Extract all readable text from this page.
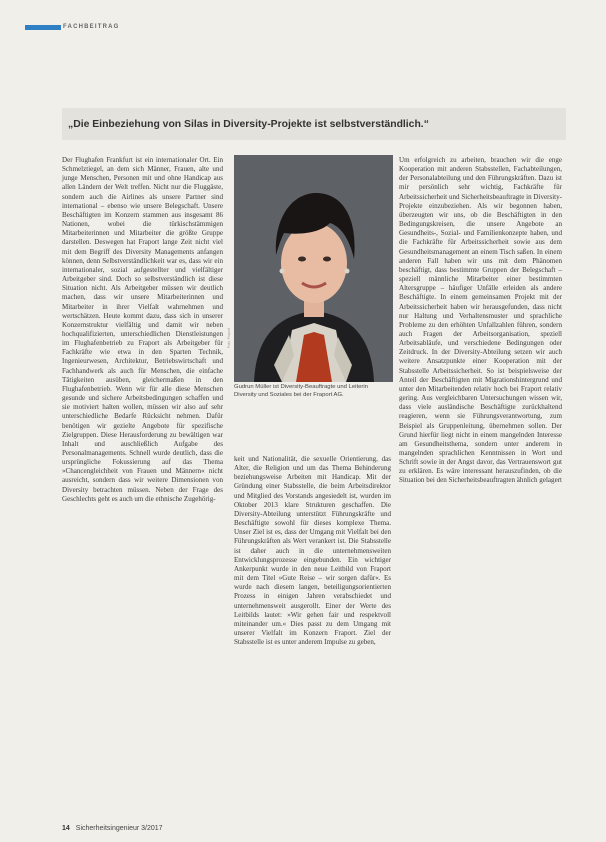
FACHBEITRAG
„Die Einbeziehung von Silas in Diversity-Projekte ist selbstverständlich.“
Der Flughafen Frankfurt ist ein internationaler Ort. Ein Schmelztiegel, an dem sich Männer, Frauen, alte und junge Menschen, Personen mit und ohne Handicap aus allen Ländern der Welt treffen. Nicht nur die Fluggäste, sondern auch die Airlines als unsere Partner sind international – ebenso wie unsere Belegschaft. Unsere Beschäftigten im Konzern stammen aus insgesamt 86 Nationen, wobei die türkischstämmigen Mitarbeiterinnen und Mitarbeiter die größte Gruppe darstellen. Deswegen hat Fraport lange Zeit nicht viel mit dem Begriff des Diversity Managements anfangen können, denn Selbstverständlichkeit war es, dass wir ein internationaler, sozial aufgestellter und vielfältiger Arbeitgeber sind. Doch so selbstverständlich ist diese Situation nicht. Als Arbeitgeber müssen wir deutlich machen, dass wir unsere Mitarbeiterinnen und Mitarbeiter in ihrer Vielfalt wahrnehmen und wertschätzen. Heute kommt dazu, dass sich in unserer Konzernstruktur vielfältig und damit wir neben hochqualifizierten, unterschiedlichen Dienstleistungen im Flughafenbetrieb zu Fraport als Arbeitgeber für Fachkräfte wie etwa in den Sparten Technik, Ingenieurwesen, Architektur, Betriebswirtschaft und Fachhandwerk als auch für Menschen, die einfache Tätigkeiten ausüben, gleichermaßen in den Flughafenbetrieb. Wenn wir für alle diese Menschen gesunde und sichere Arbeitsbedingungen schaffen und sie motiviert halten wollen, müssen wir also auf sehr unterschiedliche Bedarfe Rücksicht nehmen. Dafür benötigen wir gezielte Angebote für spezifische Zielgruppen. Diese Herausforderung zu bewältigen war Inhalt und auschließlich Aufgabe des Personalmanagements. Schnell wurde deutlich, dass die ursprüngliche Fokussierung auf das Thema »Chancengleichheit von Frauen und Männern« nicht ausreicht, sondern dass wir weitere Dimensionen von Diversity betrachten müssen. Neben der Frage des Geschlechts geht es auch um die ethnische Zugehörig-
Foto: Fraport
Gudrun Müller ist Diversity-Beauftragte und Leiterin Diversity und Soziales bei der Fraport AG.
keit und Nationalität, die sexuelle Orientierung, das Alter, die Religion und um das Thema Behinderung beziehungsweise Arbeiten mit Handicap. Mit der Gründung einer Stabsstelle, die beim Arbeitsdirektor und Mitglied des Vorstands angesiedelt ist, wurden im Oktober 2013 klare Strukturen geschaffen. Die Diversity-Abteilung unterstützt Führungskräfte und Beschäftigte sowohl für dieses komplexe Thema. Unser Ziel ist es, dass der Umgang mit Vielfalt bei den Führungskräften als Wert verankert ist. Die Stabsstelle ist daher auch in die unternehmensweiten Entwicklungsprozesse eingebunden. Ein wichtiger Ankerpunkt wurde in den neue Leitbild von Fraport mit dem Titel »Gute Reise – wir sorgen dafür«. Es wurde nach diesem langen, beteiligungsorientierten Prozess in einigen Jahren verabschiedet und unternehmensweit ausgerollt. Einer der Werte des Leitbilds lautet: »Wir gehen fair und respektvoll miteinander um.« Dies passt zu dem Umgang mit unserer Vielfalt im Konzern Fraport. Ziel der Stabsstelle ist es unter anderem Impulse zu geben,
Um erfolgreich zu arbeiten, brauchen wir die enge Kooperation mit anderen Stabsstellen, Fachabteilungen, der Personalabteilung und den Führungskräften. Dazu ist mir persönlich sehr wichtig, Fachkräfte für Arbeitssicherheit und Sicherheitsbeauftragte in Diversity-Projekte einzubeziehen. Als wir begonnen haben, überzeugten wir uns, ob die Beschäftigten in den Bedingungskreisen, die unsere Angebote an Gesundheits-, Sozial- und Familienkonzepte haben, und die Fachkräfte für Arbeitssicherheit sowie aus dem Gesundheitsmanagement an einem Tisch saßen. In einem anderen Fall haben wir uns mit dem Phänomen beschäftigt, dass bestimmte Gruppen der Belegschaft – speziell männliche Mitarbeiter einer bestimmten Altersgruppe – häufiger Unfälle erleiden als andere Beschäftigte. In einem gemeinsamen Projekt mit der Arbeitssicherheit haben wir herausgefunden, dass nicht nur Haltung und Verhaltensmuster und sprachliche Probleme zu den erhöhten Unfallzahlen führen, sondern auch Fragen der Arbeitsorganisation, speziell Arbeitsabläufe, und verschiedene Bedingungen oder Zeitdruck. In der Diversity-Abteilung setzen wir auch weitere Ansatzpunkte einer Kooperation mit der Stabsstelle Arbeitssicherheit. So ist beispielsweise der Anteil der Beschäftigten mit Migrationshintergrund und unter den Mitarbeitenden relativ hoch bei Fraport relativ gering. Aus vergleichbaren Untersuchungen wissen wir, dass viele ausländische Beschäftigte zurückhaltend reagieren, wenn sie Führungsverantwortung, zum Beispiel als Gruppenleitung, übernehmen sollen. Der Grund hierfür liegt nicht in einem mangelnden Interesse am Gesundheitsthema, sondern unter anderem in mangelnden sprachlichen Kenntnissen in Wort und Schrift sowie in der Angst davor, das Vertrauenswort gut zu erklären. Es wäre interessant herauszufinden, ob die Situation bei den Sicherheitsbeauftragten ähnlich gelagert
14 Sicherheitsingenieur 3/2017
